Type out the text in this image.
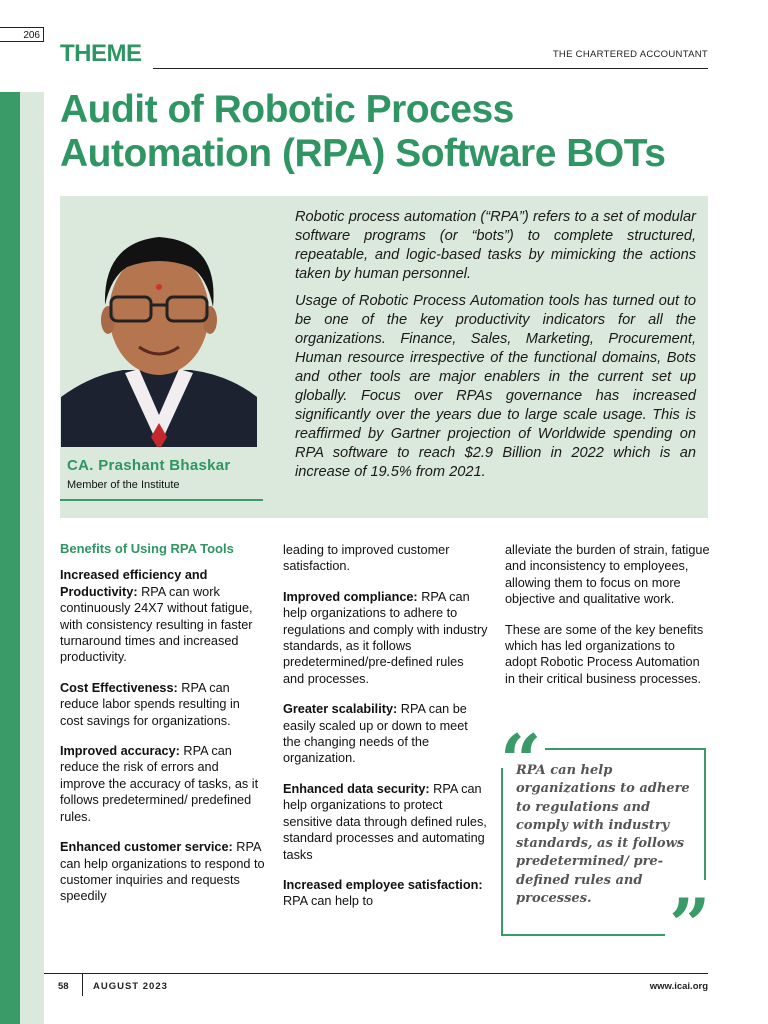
206
THEME	THE CHARTERED ACCOUNTANT
Audit of Robotic Process Automation (RPA) Software BOTs
CA. Prashant Bhaskar
Member of the Institute

Robotic process automation (“RPA”) refers to a set of modular software programs (or “bots”) to complete structured, repeatable, and logic-based tasks by mimicking the actions taken by human personnel.

Usage of Robotic Process Automation tools has turned out to be one of the key productivity indicators for all the organizations. Finance, Sales, Marketing, Procurement, Human resource irrespective of the functional domains, Bots and other tools are major enablers in the current set up globally. Focus over RPAs governance has increased significantly over the years due to large scale usage. This is reaffirmed by Gartner projection of Worldwide spending on RPA software to reach $2.9 Billion in 2022 which is an increase of 19.5% from 2021.

Benefits of Using RPA Tools

Increased efficiency and Productivity: RPA can work continuously 24X7 without fatigue, with consistency resulting in faster turnaround times and increased productivity.

Cost Effectiveness: RPA can reduce labor spends resulting in cost savings for organizations.

Improved accuracy: RPA can reduce the risk of errors and improve the accuracy of tasks, as it follows predetermined/ predefined rules.

Enhanced customer service: RPA can help organizations to respond to customer inquiries and requests speedily

leading to improved customer satisfaction.

Improved compliance: RPA can help organizations to adhere to regulations and comply with industry standards, as it follows predetermined/pre-defined rules and processes.

Greater scalability: RPA can be easily scaled up or down to meet the changing needs of the organization.

Enhanced data security: RPA can help organizations to protect sensitive data through defined rules, standard processes and automating tasks

Increased employee satisfaction: RPA can help to

alleviate the burden of strain, fatigue and inconsistency to employees, allowing them to focus on more objective and qualitative work.

These are some of the key benefits which has led organizations to adopt Robotic Process Automation in their critical business processes.

“
RPA can help organizations to adhere to regulations and comply with industry standards, as it follows predetermined/ pre-defined rules and processes.	”
58	AUGUST 2023	www.icai.org
